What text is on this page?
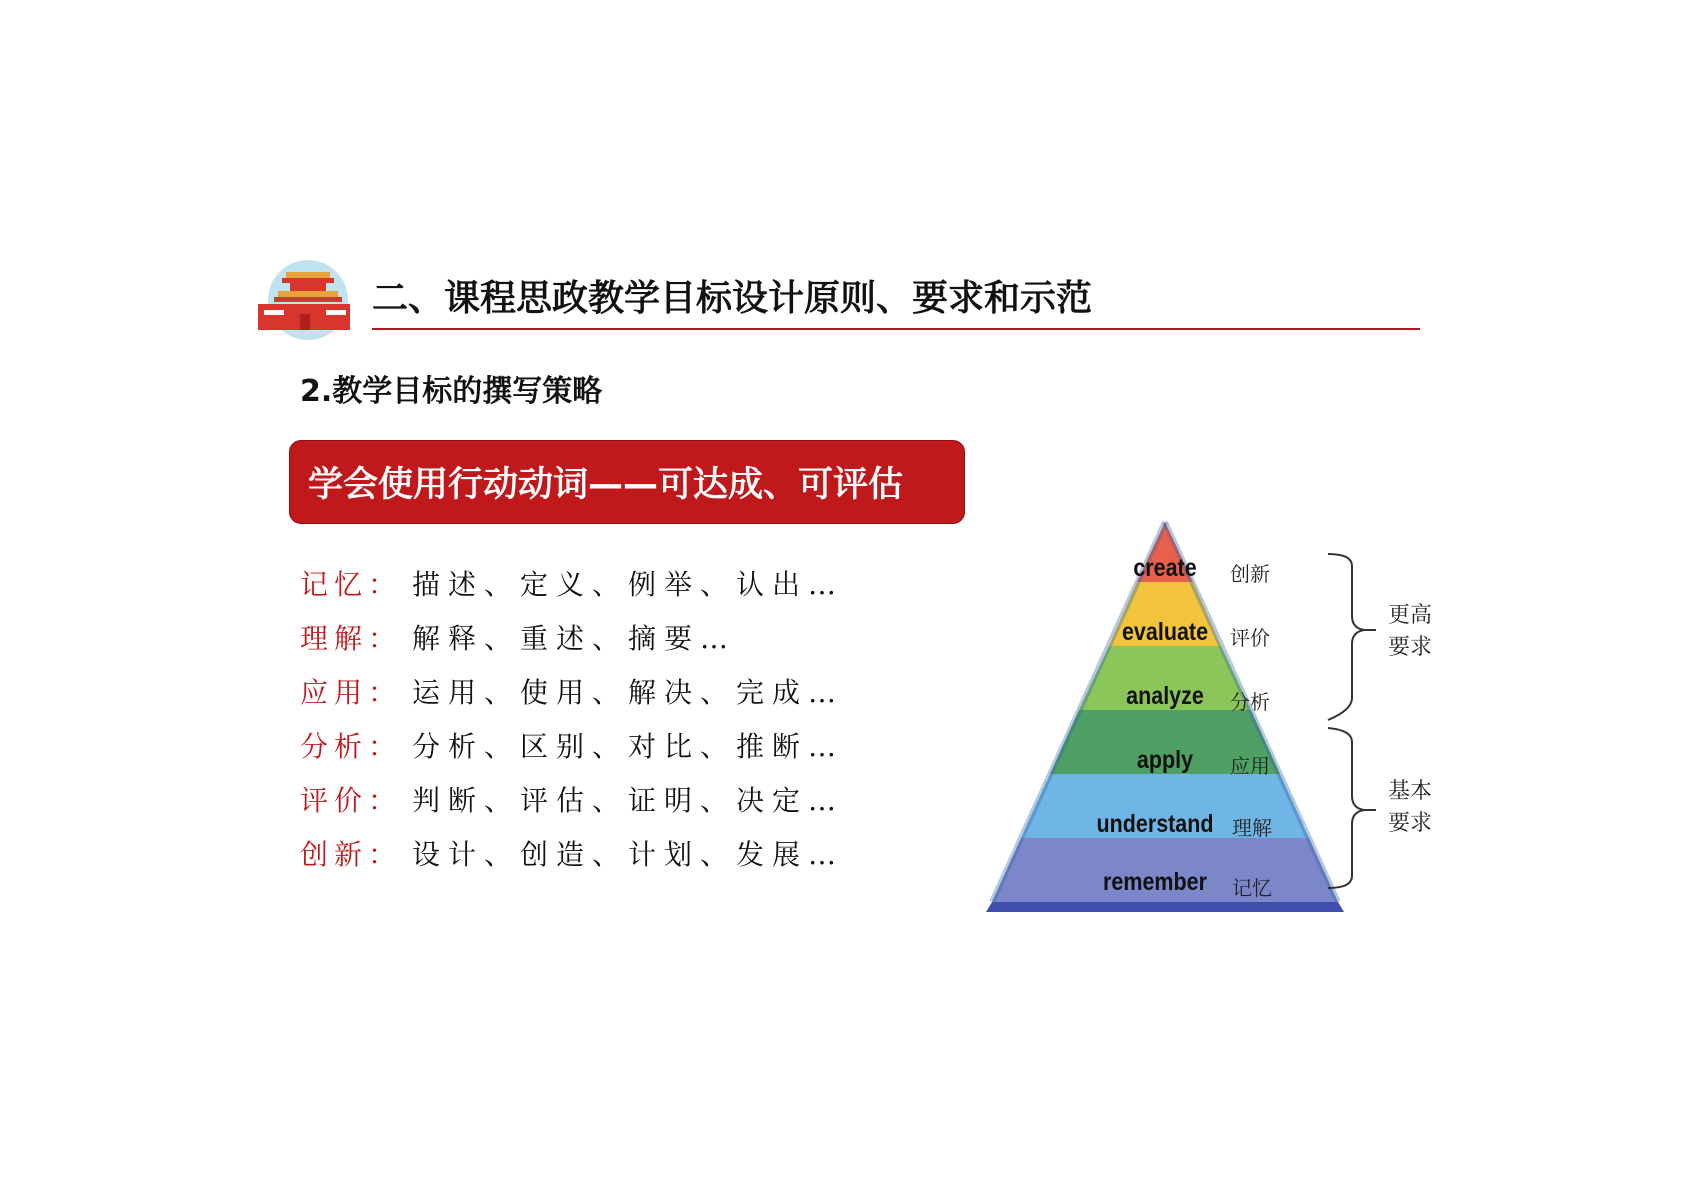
二、课程思政教学目标设计原则、要求和示范
2.教学目标的撰写策略
学会使用行动动词——可达成、可评估
记忆： 描述、定义、例举、认出…
理解： 解释、重述、摘要…
应用： 运用、使用、解决、完成…
分析： 分析、区别、对比、推断…
评价： 判断、评估、证明、决定…
创新： 设计、创造、计划、发展…
create
evaluate
analyze
apply
understand
remember
创新
评价
分析
应用
理解
记忆
更高
要求
基本
要求
